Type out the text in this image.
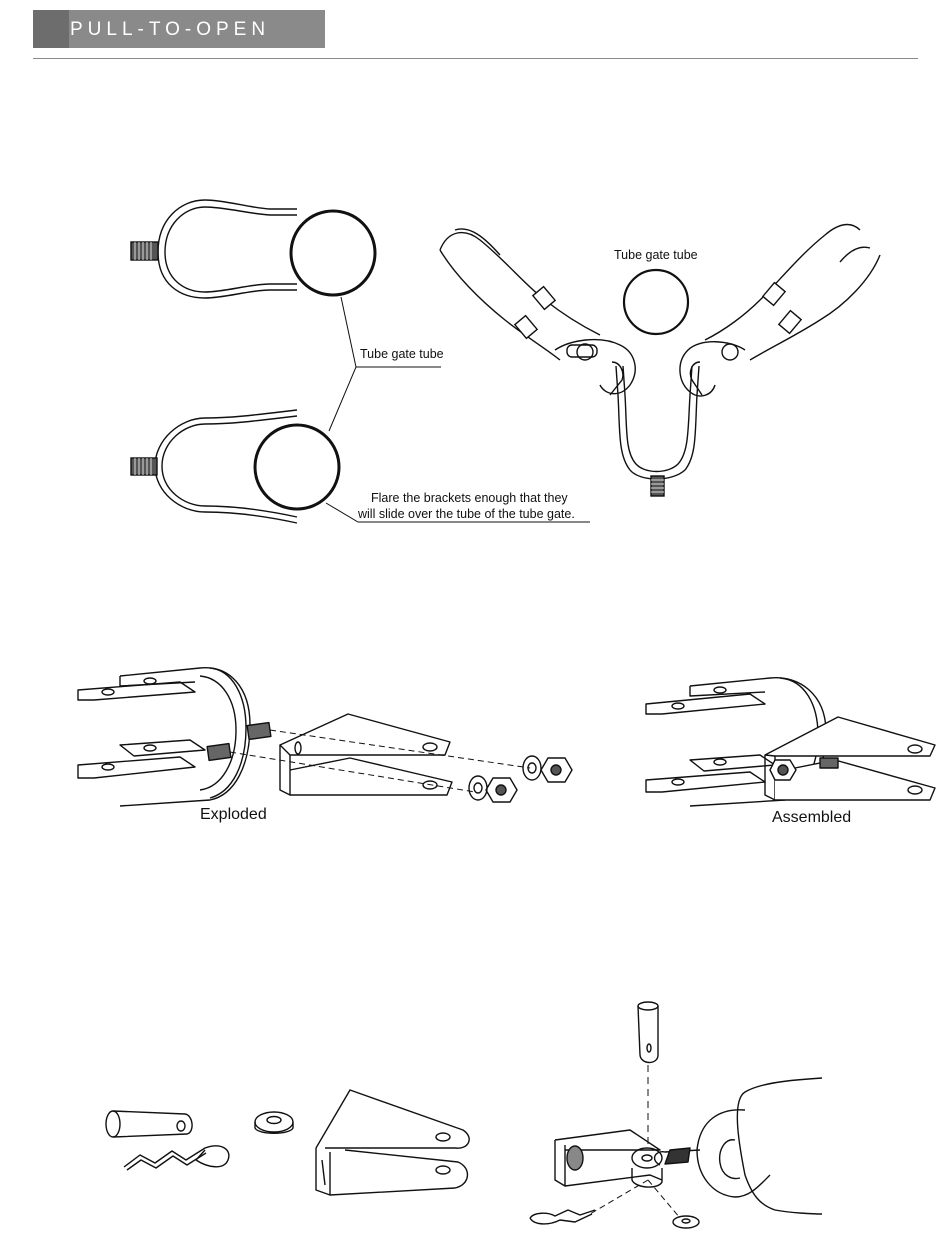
PULL-TO-OPEN
Tube gate tube
Flare the brackets enough that they
will slide over the tube of the tube gate.
Tube gate tube
Exploded	Assembled
